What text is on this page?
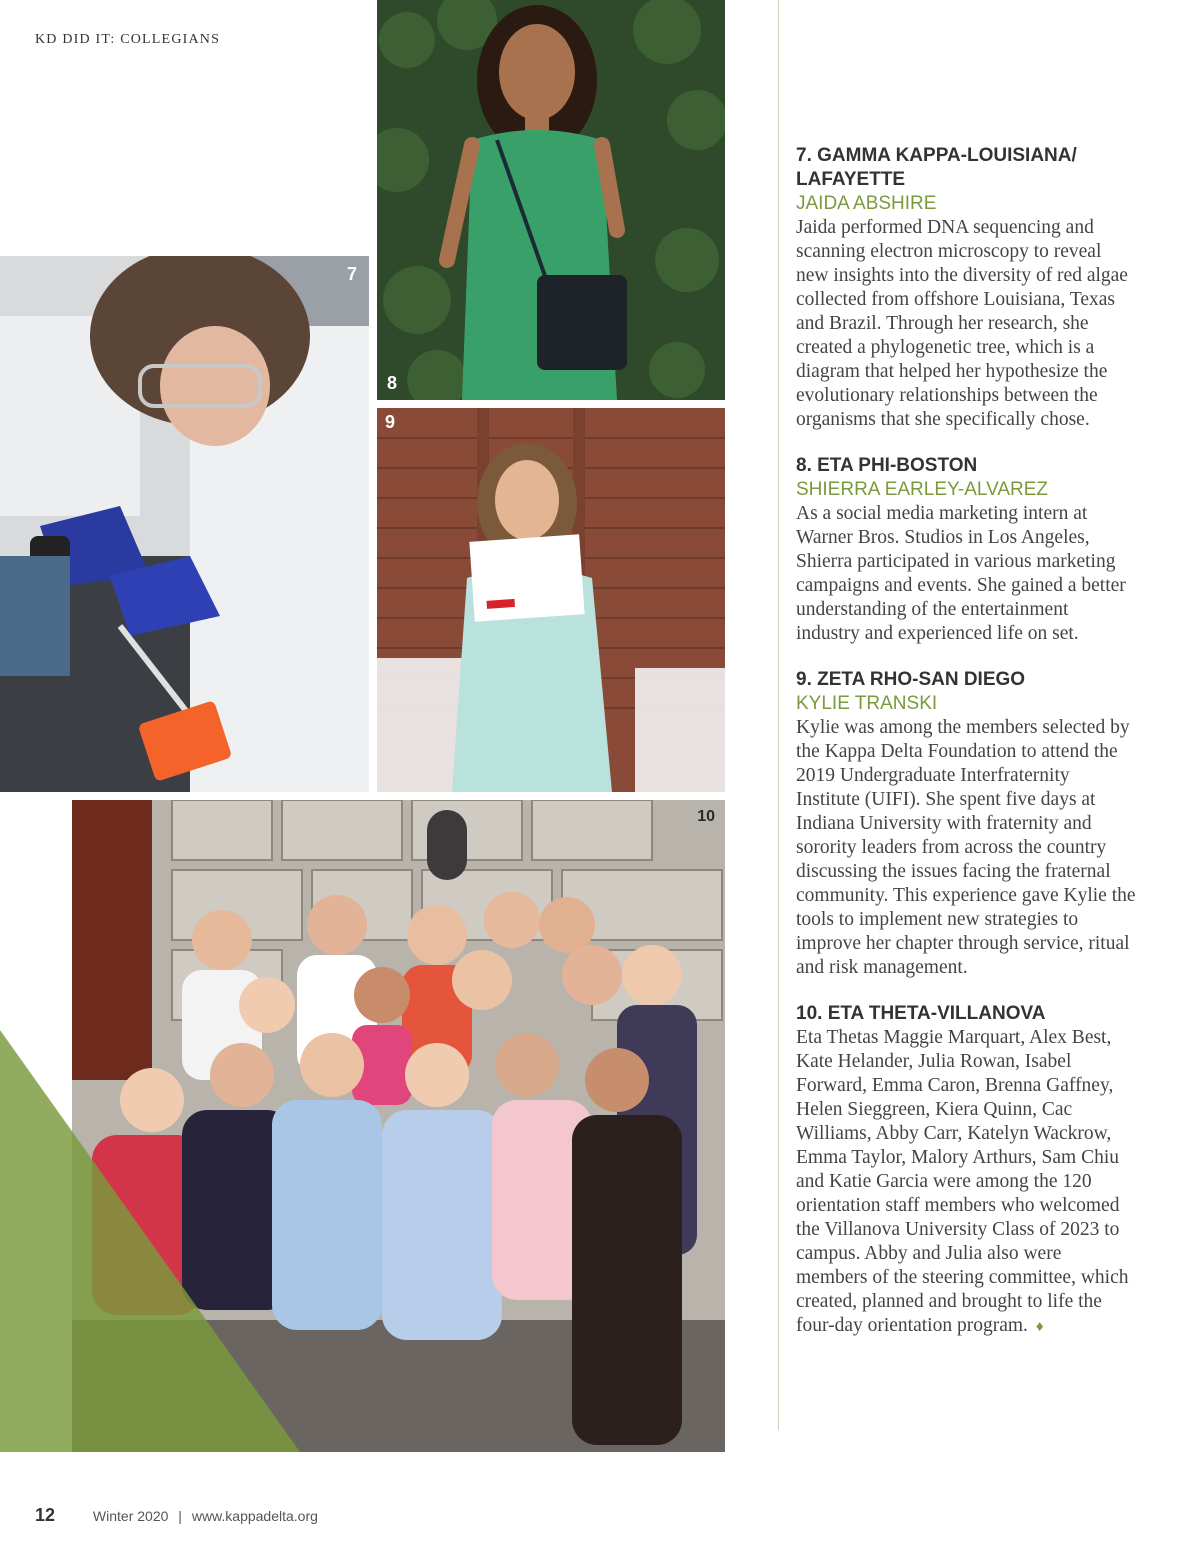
KD DID IT: COLLEGIANS
7
8
9
10
7. GAMMA KAPPA-LOUISIANA/ LAFAYETTE
JAIDA ABSHIRE

Jaida performed DNA sequencing and scanning electron microscopy to reveal new insights into the diversity of red algae collected from offshore Louisiana, Texas and Brazil. Through her research, she created a phylogenetic tree, which is a diagram that helped her hypothesize the evolutionary relationships between the organisms that she specifically chose.

8. ETA PHI-BOSTON
SHIERRA EARLEY-ALVAREZ

As a social media marketing intern at Warner Bros. Studios in Los Angeles, Shierra participated in various marketing campaigns and events. She gained a better understanding of the entertainment industry and experienced life on set.

9. ZETA RHO-SAN DIEGO
KYLIE TRANSKI

Kylie was among the members selected by the Kappa Delta Foundation to attend the 2019 Undergraduate Interfraternity Institute (UIFI). She spent five days at Indiana University with fraternity and sorority leaders from across the country discussing the issues facing the fraternal community. This experience gave Kylie the tools to implement new strategies to improve her chapter through service, ritual and risk management.

10. ETA THETA-VILLANOVA

Eta Thetas Maggie Marquart, Alex Best, Kate Helander, Julia Rowan, Isabel Forward, Emma Caron, Brenna Gaffney, Helen Sieggreen, Kiera Quinn, Cac Williams, Abby Carr, Katelyn Wackrow, Emma Taylor, Malory Arthurs, Sam Chiu and Katie Garcia were among the 120 orientation staff members who welcomed the Villanova University Class of 2023 to campus. Abby and Julia also were members of the steering committee, which created, planned and brought to life the four-day orientation program. ♦

12	Winter 2020 | www.kappadelta.org
